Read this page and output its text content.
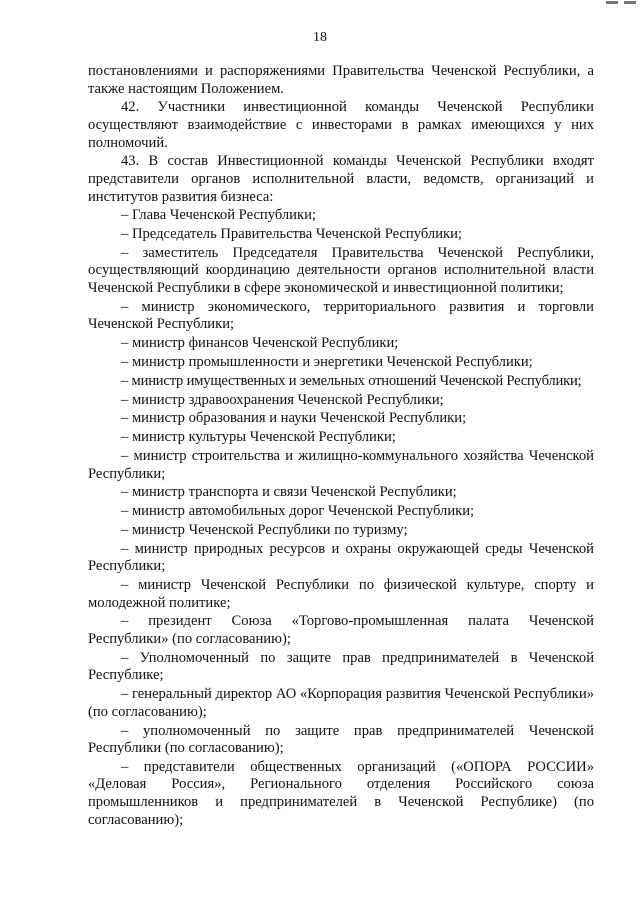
18

постановлениями и распоряжениями Правительства Чеченской Республики, а также настоящим Положением.

42. Участники инвестиционной команды Чеченской Республики осуществляют взаимодействие с инвесторами в рамках имеющихся у них полномочий.

43. В состав Инвестиционной команды Чеченской Республики входят представители органов исполнительной власти, ведомств, организаций и институтов развития бизнеса:

– Глава Чеченской Республики;

– Председатель Правительства Чеченской Республики;

– заместитель Председателя Правительства Чеченской Республики, осуществляющий координацию деятельности органов исполнительной власти Чеченской Республики в сфере экономической и инвестиционной политики;

– министр экономического, территориального развития и торговли Чеченской Республики;

– министр финансов Чеченской Республики;

– министр промышленности и энергетики Чеченской Республики;

– министр имущественных и земельных отношений Чеченской Республики;

– министр здравоохранения Чеченской Республики;

– министр образования и науки Чеченской Республики;

– министр культуры Чеченской Республики;

– министр строительства и жилищно-коммунального хозяйства Чеченской Республики;

– министр транспорта и связи Чеченской Республики;

– министр автомобильных дорог Чеченской Республики;

– министр Чеченской Республики по туризму;

– министр природных ресурсов и охраны окружающей среды Чеченской Республики;

– министр Чеченской Республики по физической культуре, спорту и молодежной политике;

– президент Союза «Торгово-промышленная палата Чеченской Республики» (по согласованию);

– Уполномоченный по защите прав предпринимателей в Чеченской Республике;

– генеральный директор АО «Корпорация развития Чеченской Республики» (по согласованию);

– уполномоченный по защите прав предпринимателей Чеченской Республики (по согласованию);

– представители общественных организаций («ОПОРА РОССИИ» «Деловая Россия», Регионального отделения Российского союза промышленников и предпринимателей в Чеченской Республике) (по согласованию);
